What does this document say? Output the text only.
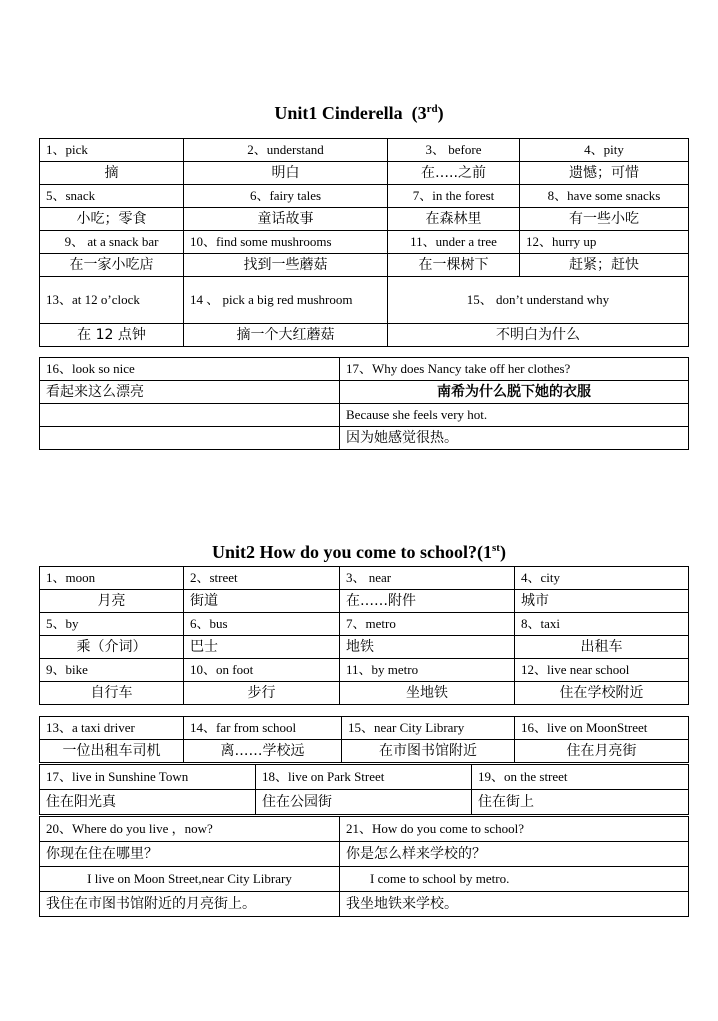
Unit1 Cinderella (3rd)
1、pick	2、understand	3、 before	4、pity
摘	明白	在…..之前	遗憾；可惜
5、snack	6、fairy tales	7、in the forest	8、have some snacks
小吃；零食	童话故事	在森林里	有一些小吃
9、 at a snack bar	10、find some mushrooms	11、under a tree	12、hurry up
在一家小吃店	找到一些蘑菇	在一棵树下	赶紧；赶快
13、at 12 o’clock	14 、 pick a big red mushroom	15、 don’t understand why	
在 12 点钟	摘一个大红蘑菇	不明白为什么	
16、look so nice	17、Why does Nancy take off her clothes?
看起来这么漂亮	南希为什么脱下她的衣服
	Because she feels very hot.
	因为她感觉很热。
Unit2 How do you come to school?(1st)
1、moon	2、street	3、 near	4、city
月亮	街道	在……附件	城市
5、by	6、bus	7、metro	8、taxi
乘（介词）	巴士	地铁	出租车
9、bike	10、on foot	11、by metro	12、live near school
自行车	步行	坐地铁	住在学校附近
13、a taxi driver	14、far from school	15、near City Library	16、live on MoonStreet
一位出租车司机	离……学校远	在市图书馆附近	住在月亮街
17、live in Sunshine Town	18、live on Park Street	19、on the street
住在阳光真	住在公园街	住在街上
20、Where do you live ，now?	21、How do you come to school?
你现在住在哪里？	你是怎么样来学校的？
I live on Moon Street,near City Library	I come to school by metro.
我住在市图书馆附近的月亮街上。	我坐地铁来学校。
